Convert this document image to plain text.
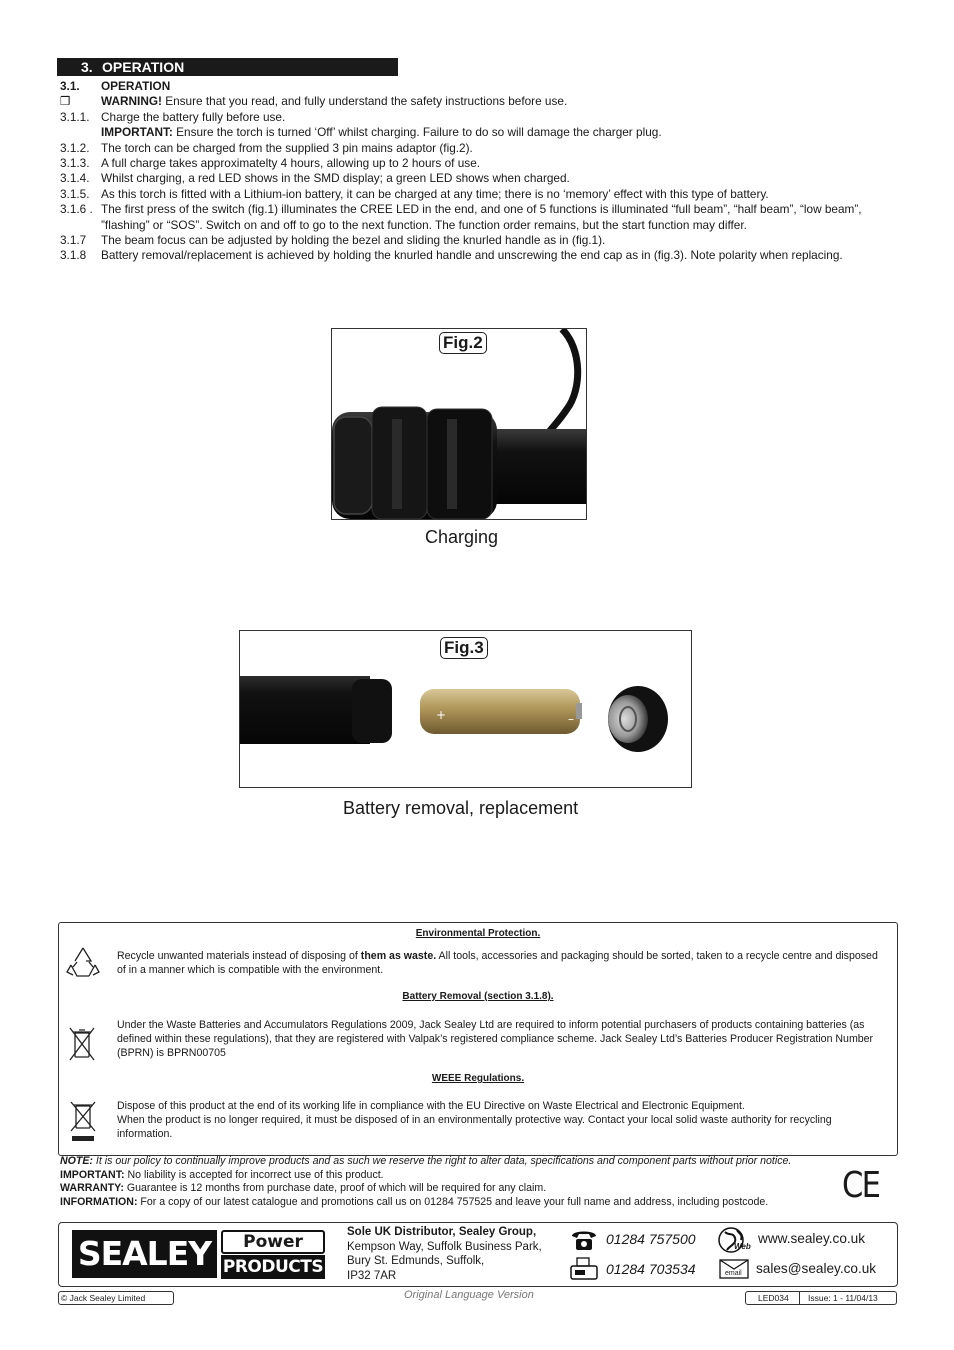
3. OPERATION
3.1. OPERATION
❒	WARNING! Ensure that you read, and fully understand the safety instructions before use.
3.1.1. Charge the battery fully before use.
IMPORTANT: Ensure the torch is turned ‘Off’ whilst charging. Failure to do so will damage the charger plug.
3.1.2. The torch can be charged from the supplied 3 pin mains adaptor (fig.2).
3.1.3. A full charge takes approximatelty 4 hours, allowing up to 2 hours of use.
3.1.4. Whilst charging, a red LED shows in the SMD display; a green LED shows when charged.
3.1.5. As this torch is fitted with a Lithium-ion battery, it can be charged at any time; there is no ‘memory’ effect with this type of battery.
3.1.6 . The first press of the switch (fig.1) illuminates the CREE LED in the end, and one of 5 functions is illuminated “full beam”, “half beam”, “low beam”, ”flashing” or “SOS”. Switch on and off to go to the next function. The function order remains, but the start function may differ.
3.1.7 The beam focus can be adjusted by holding the bezel and sliding the knurled handle as in (fig.1).
3.1.8 Battery removal/replacement is achieved by holding the knurled handle and unscrewing the end cap as in (fig.3). Note polarity when replacing.
Fig.2
Charging
+	–
Fig.3
Battery removal, replacement
Environmental Protection.
Recycle unwanted materials instead of disposing of them as waste. All tools, accessories and packaging should be sorted, taken to a recycle centre and disposed of in a manner which is compatible with the environment.
Battery Removal (section 3.1.8).
Under the Waste Batteries and Accumulators Regulations 2009, Jack Sealey Ltd are required to inform potential purchasers of products containing batteries (as defined within these regulations), that they are registered with Valpak’s registered compliance scheme. Jack Sealey Ltd’s Batteries Producer Registration Number (BPRN) is BPRN00705
WEEE Regulations.
Dispose of this product at the end of its working life in compliance with the EU Directive on Waste Electrical and Electronic Equipment.
When the product is no longer required, it must be disposed of in an environmentally protective way. Contact your local solid waste authority for recycling information.
NOTE: It is our policy to continually improve products and as such we reserve the right to alter data, specifications and component parts without prior notice.
IMPORTANT: No liability is accepted for incorrect use of this product.
WARRANTY: Guarantee is 12 months from purchase date, proof of which will be required for any claim.
INFORMATION: For a copy of our latest catalogue and promotions call us on 01284 757525 and leave your full name and address, including postcode.	CE
SEALEY	Power
PRODUCTS
Sole UK Distributor, Sealey Group,
Kempson Way, Suffolk Business Park,
Bury St. Edmunds, Suffolk,
IP32 7AR
01284 757500
01284 703534
Web
www.sealey.co.uk
email sales@sealey.co.uk
© Jack Sealey Limited	Original Language Version	LED034 Issue: 1 - 11/04/13
